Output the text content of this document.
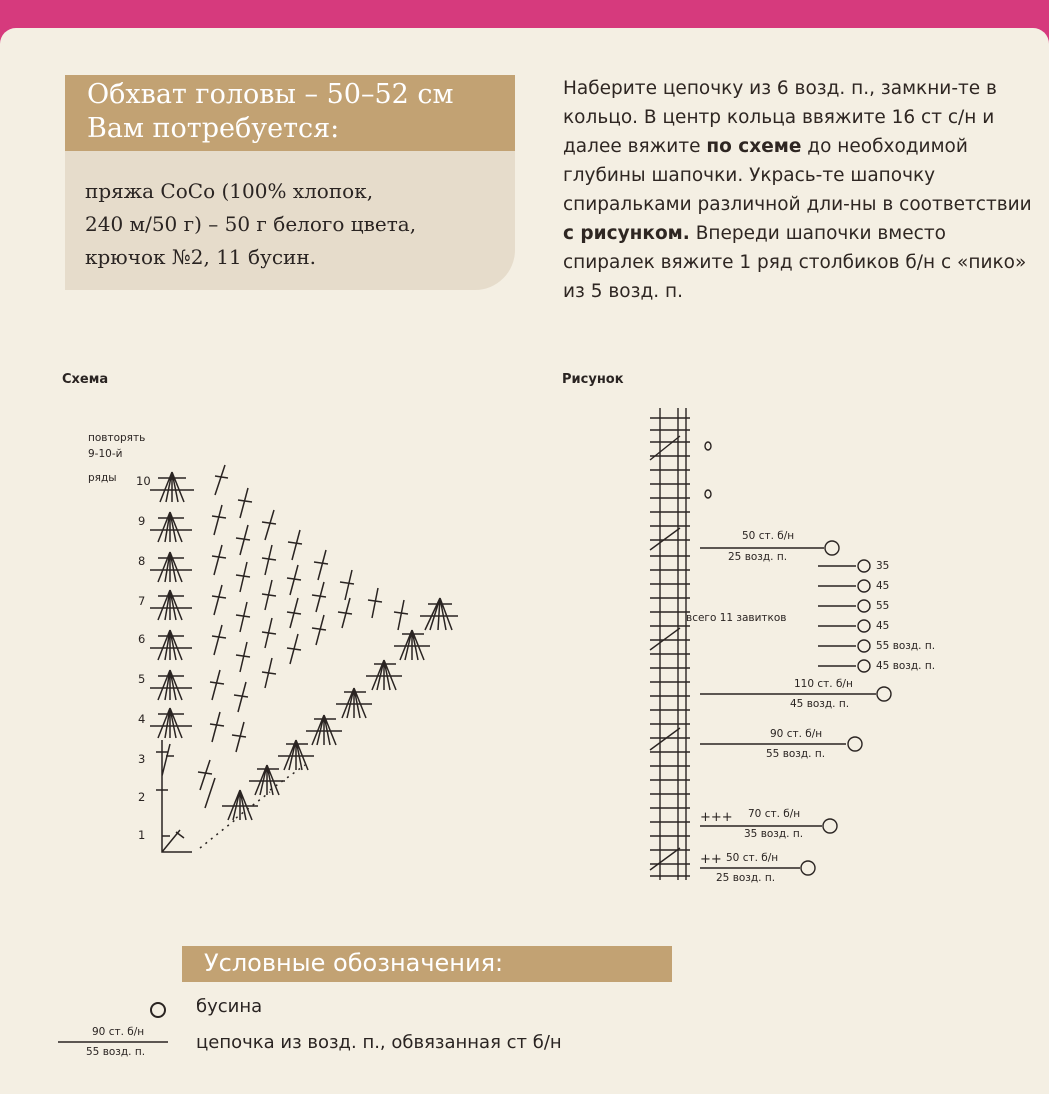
Обхват головы – 50–52 см
Вам потребуется:
пряжа CoCo (100% хлопок,
240 м/50 г) – 50 г белого цвета,
крючок №2, 11 бусин.
Наберите цепочку из 6 возд. п., замкни-те в кольцо. В центр кольца ввяжите 16 ст с/н и далее вяжите по схеме до необходимой глубины шапочки. Укрась-те шапочку спиральками различной дли-ны в соответствии с рисунком. Впереди шапочки вместо спиралек вяжите 1 ряд столбиков б/н с «пико» из 5 возд. п.
Схема	Рисунок
повторять
9-10-й
ряды 10
9
8
7
6
5
4
3
2
1
50 ст. б/н
25 возд. п.
всего 11 завитков
35
45
55
45
55 возд. п.
45 возд. п.
110 ст. б/н
45 возд. п.
90 ст. б/н
55 возд. п.
+++ 70 ст. б/н
35 возд. п.
++ 50 ст. б/н
25 возд. п.
Условные обозначения:
бусина
90 ст. б/н
55 возд. п.	цепочка из возд. п., обвязанная ст б/н
